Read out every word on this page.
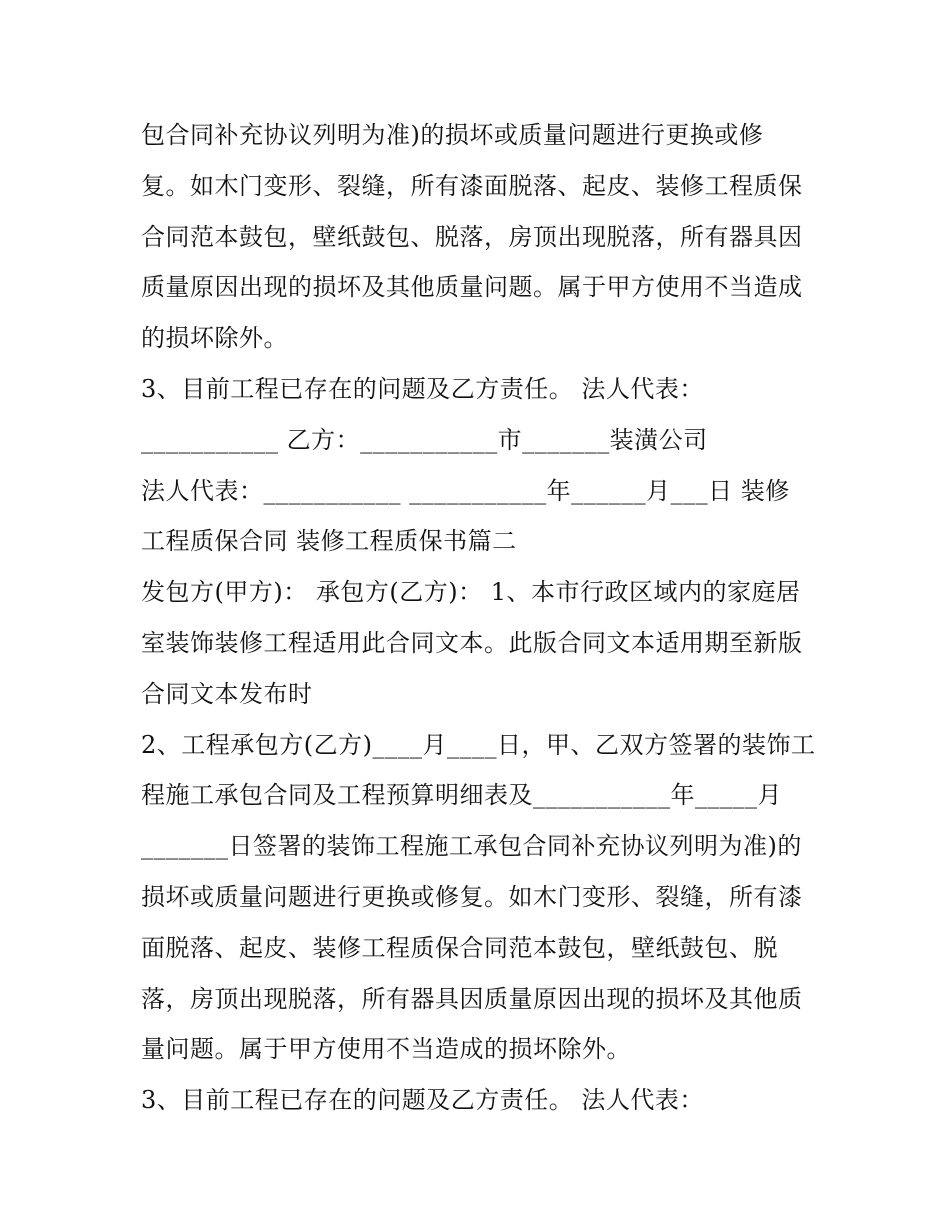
包合同补充协议列明为准)的损坏或质量问题进行更换或修
复。如木门变形、裂缝，所有漆面脱落、起皮、装修工程质保
合同范本鼓包，壁纸鼓包、脱落，房顶出现脱落，所有器具因
质量原因出现的损坏及其他质量问题。属于甲方使用不当造成
的损坏除外。
3、目前工程已存在的问题及乙方责任。 法人代表：
___________ 乙方：___________市_______装潢公司
法人代表：___________ ___________年______月___日 装修
工程质保合同 装修工程质保书篇二
发包方(甲方)： 承包方(乙方)： 1、本市行政区域内的家庭居
室装饰装修工程适用此合同文本。此版合同文本适用期至新版
合同文本发布时
2、工程承包方(乙方)____月____日，甲、乙双方签署的装饰工
程施工承包合同及工程预算明细表及___________年_____月
_______日签署的装饰工程施工承包合同补充协议列明为准)的
损坏或质量问题进行更换或修复。如木门变形、裂缝，所有漆
面脱落、起皮、装修工程质保合同范本鼓包，壁纸鼓包、脱
落，房顶出现脱落，所有器具因质量原因出现的损坏及其他质
量问题。属于甲方使用不当造成的损坏除外。
3、目前工程已存在的问题及乙方责任。 法人代表：
